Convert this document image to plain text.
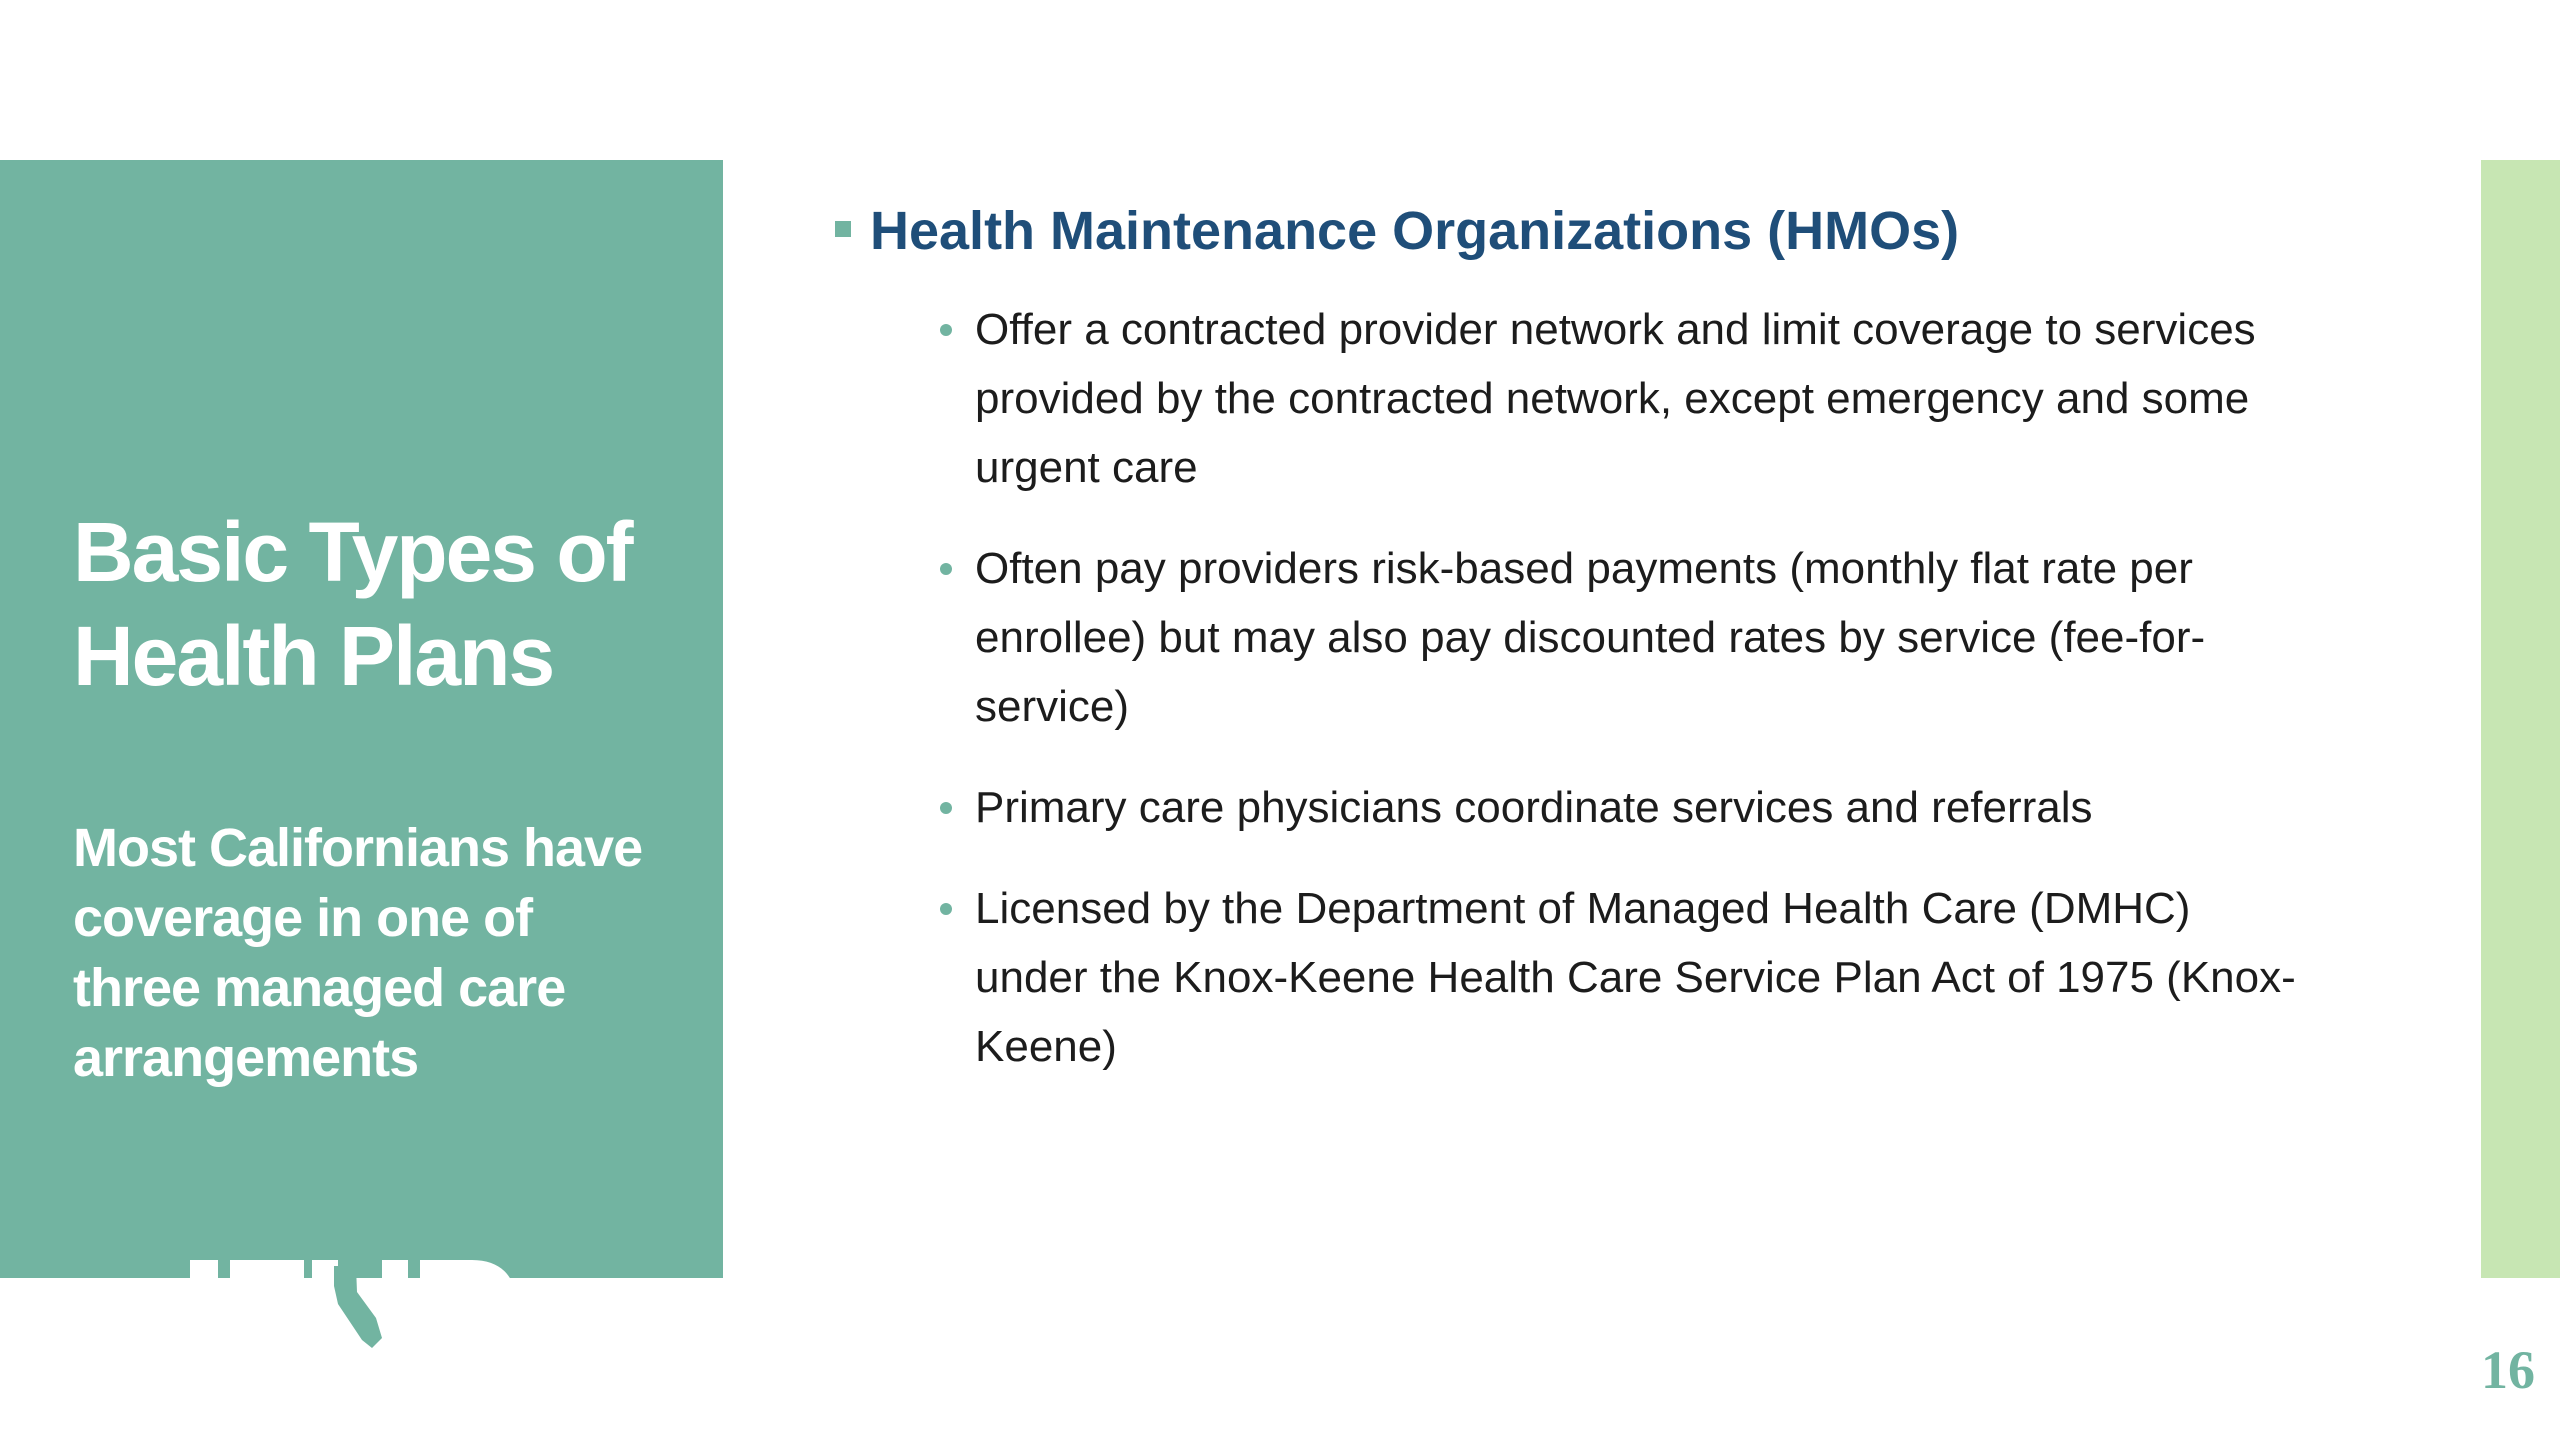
Basic Types of Health Plans

Most Californians have coverage in one of three managed care arrangements

Insure the Uninsured Project

Health Maintenance Organizations (HMOs)

Offer a contracted provider network and limit coverage to services provided by the contracted network, except emergency and some urgent care
Often pay providers risk-based payments (monthly flat rate per enrollee) but may also pay discounted rates by service (fee-for-service)
Primary care physicians coordinate services and referrals
Licensed by the Department of Managed Health Care (DMHC) under the Knox-Keene Health Care Service Plan Act of 1975 (Knox-Keene)
16
